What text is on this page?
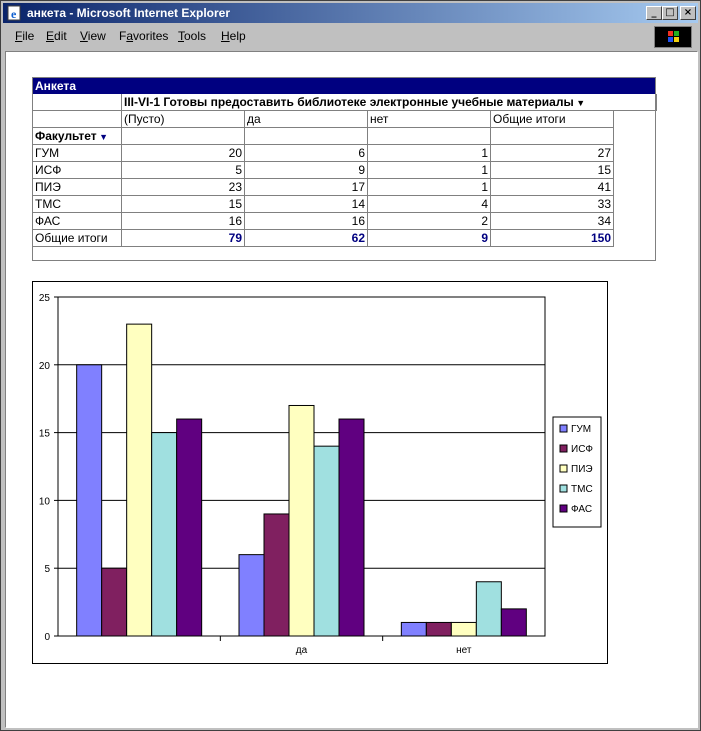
e анкета - Microsoft Internet Explorer	_ □ ×
File Edit View Favorites Tools Help
Анкета
III-VI-1 Готовы предоставить библиотеке электронные учебные материалы ▼
(Пусто)	да	нет	Общие итоги
Факультет ▼
ГУМ	20	6	1	27
ИСФ	5	9	1	15
ПИЭ	23	17	1	41
ТМС	15	14	4	33
ФАС	16	16	2	34
Общие итоги	79	62	9	150
0
5
10
15
20
25
да	нет
ГУМ
ИСФ
ПИЭ
ТМС
ФАС
